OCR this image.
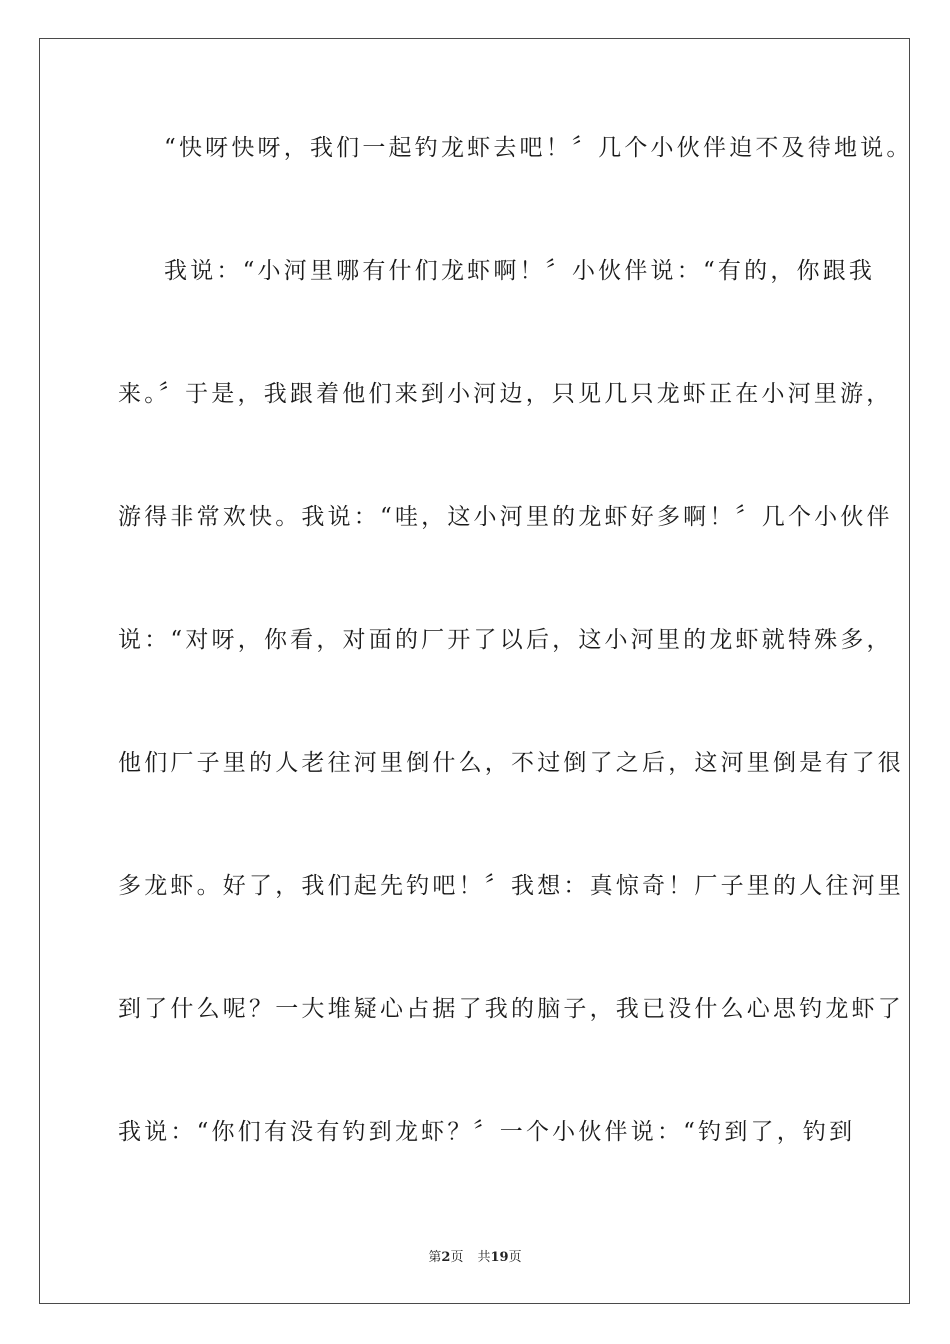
“快呀快呀，我们一起钓龙虾去吧！〞几个小伙伴迫不及待地说。
我说：“小河里哪有什们龙虾啊！〞小伙伴说：“有的，你跟我
来。〞于是，我跟着他们来到小河边，只见几只龙虾正在小河里游，
游得非常欢快。我说：“哇，这小河里的龙虾好多啊！〞几个小伙伴
说：“对呀，你看，对面的厂开了以后，这小河里的龙虾就特殊多，
他们厂子里的人老往河里倒什么，不过倒了之后，这河里倒是有了很
多龙虾。好了，我们起先钓吧！〞我想：真惊奇！厂子里的人往河里
到了什么呢？一大堆疑心占据了我的脑子，我已没什么心思钓龙虾了
我说：“你们有没有钓到龙虾？〞一个小伙伴说：“钓到了，钓到
第2页 共19页
